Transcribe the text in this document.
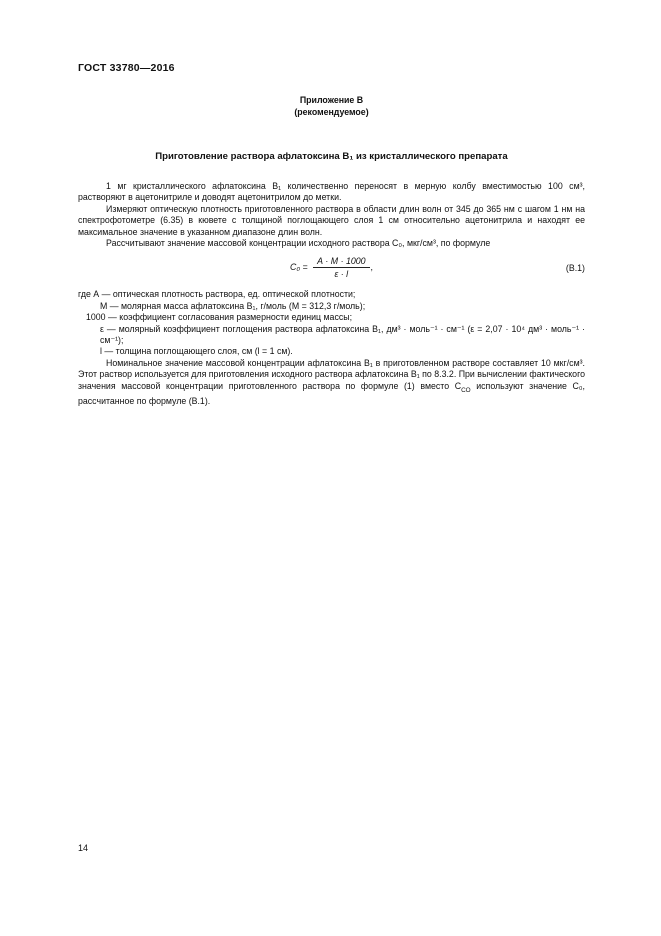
ГОСТ 33780—2016
Приложение В
(рекомендуемое)
Приготовление раствора афлатоксина В₁ из кристаллического препарата

1 мг кристаллического афлатоксина В₁ количественно переносят в мерную колбу вместимостью 100 см³, растворяют в ацетонитриле и доводят ацетонитрилом до метки.

Измеряют оптическую плотность приготовленного раствора в области длин волн от 345 до 365 нм с шагом 1 нм на спектрофотометре (6.35) в кювете с толщиной поглощающего слоя 1 см относительно ацетонитрила и находят ее максимальное значение в указанном диапазоне длин волн.

Рассчитывают значение массовой концентрации исходного раствора С₀, мкг/см³, по формуле

$С_0 = \frac{А \cdot М \cdot 1000}{\varepsilon \cdot l}$ ,	(В.1)
где А — оптическая плотность раствора, ед. оптической плотности;
М — молярная масса афлатоксина В₁, г/моль (М = 312,3 г/моль);
1000 — коэффициент согласования размерности единиц массы;
ε — молярный коэффициент поглощения раствора афлатоксина В₁, дм³ · моль⁻¹ · см⁻¹ (ε = 2,07 · 10⁴ дм³ · моль⁻¹ · см⁻¹);
l — толщина поглощающего слоя, см (l = 1 см).

Номинальное значение массовой концентрации афлатоксина В₁ в приготовленном растворе составляет 10 мкг/см³. Этот раствор используется для приготовления исходного раствора афлатоксина В₁ по 8.3.2. При вычислении фактического значения массовой концентрации приготовленного раствора по формуле (1) вместо $С_{СО}$ используют значение С₀, рассчитанное по формуле (В.1).

14
